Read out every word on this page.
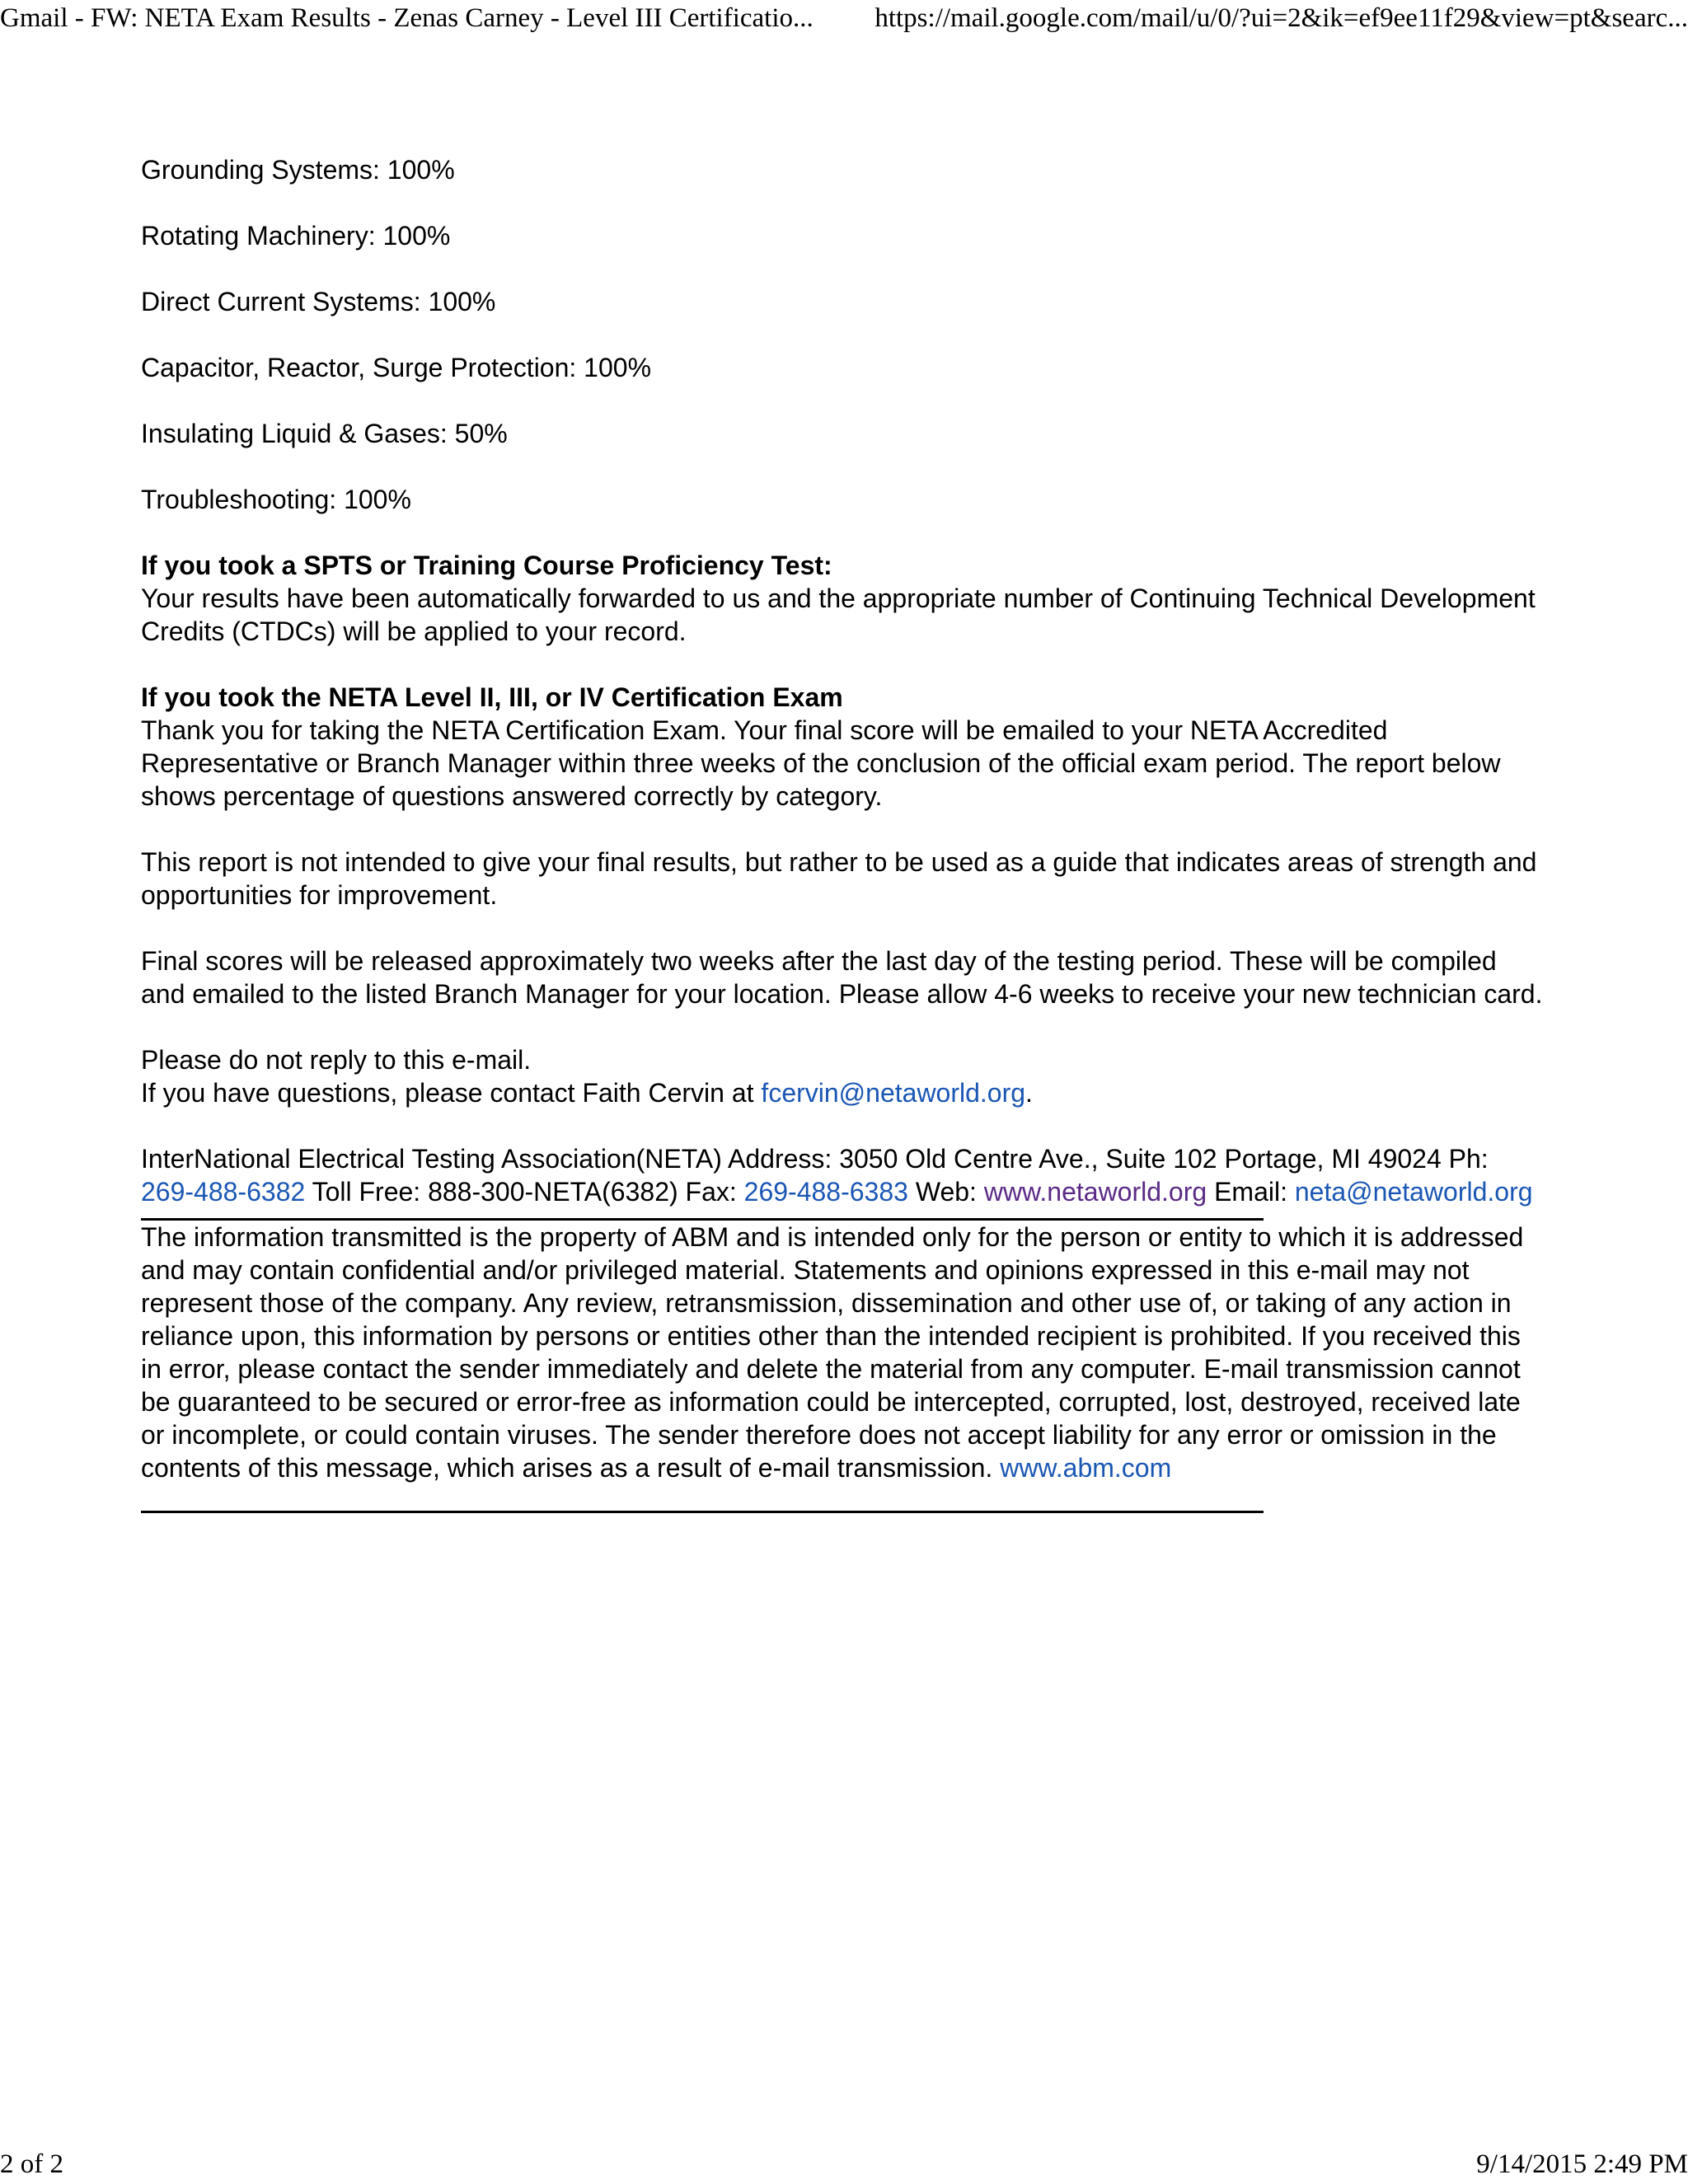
Gmail - FW: NETA Exam Results - Zenas Carney - Level III Certificatio... https://mail.google.com/mail/u/0/?ui=2&ik=ef9ee11f29&view=pt&searc...

Grounding Systems: 100%

Rotating Machinery: 100%

Direct Current Systems: 100%

Capacitor, Reactor, Surge Protection: 100%

Insulating Liquid & Gases: 50%

Troubleshooting: 100%

If you took a SPTS or Training Course Proficiency Test:
Your results have been automatically forwarded to us and the appropriate number of Continuing Technical Development Credits (CTDCs) will be applied to your record.

If you took the NETA Level II, III, or IV Certification Exam
Thank you for taking the NETA Certification Exam. Your final score will be emailed to your NETA Accredited Representative or Branch Manager within three weeks of the conclusion of the official exam period. The report below shows percentage of questions answered correctly by category.

This report is not intended to give your final results, but rather to be used as a guide that indicates areas of strength and opportunities for improvement.

Final scores will be released approximately two weeks after the last day of the testing period. These will be compiled and emailed to the listed Branch Manager for your location. Please allow 4-6 weeks to receive your new technician card.

Please do not reply to this e-mail.
If you have questions, please contact Faith Cervin at fcervin@netaworld.org.

InterNational Electrical Testing Association(NETA) Address: 3050 Old Centre Ave., Suite 102 Portage, MI 49024 Ph: 269-488-6382 Toll Free: 888-300-NETA(6382) Fax: 269-488-6383 Web: www.netaworld.org Email: neta@netaworld.org

The information transmitted is the property of ABM and is intended only for the person or entity to which it is addressed and may contain confidential and/or privileged material. Statements and opinions expressed in this e-mail may not represent those of the company. Any review, retransmission, dissemination and other use of, or taking of any action in reliance upon, this information by persons or entities other than the intended recipient is prohibited. If you received this in error, please contact the sender immediately and delete the material from any computer. E-mail transmission cannot be guaranteed to be secured or error-free as information could be intercepted, corrupted, lost, destroyed, received late or incomplete, or could contain viruses. The sender therefore does not accept liability for any error or omission in the contents of this message, which arises as a result of e-mail transmission. www.abm.com

2 of 2	9/14/2015 2:49 PM
